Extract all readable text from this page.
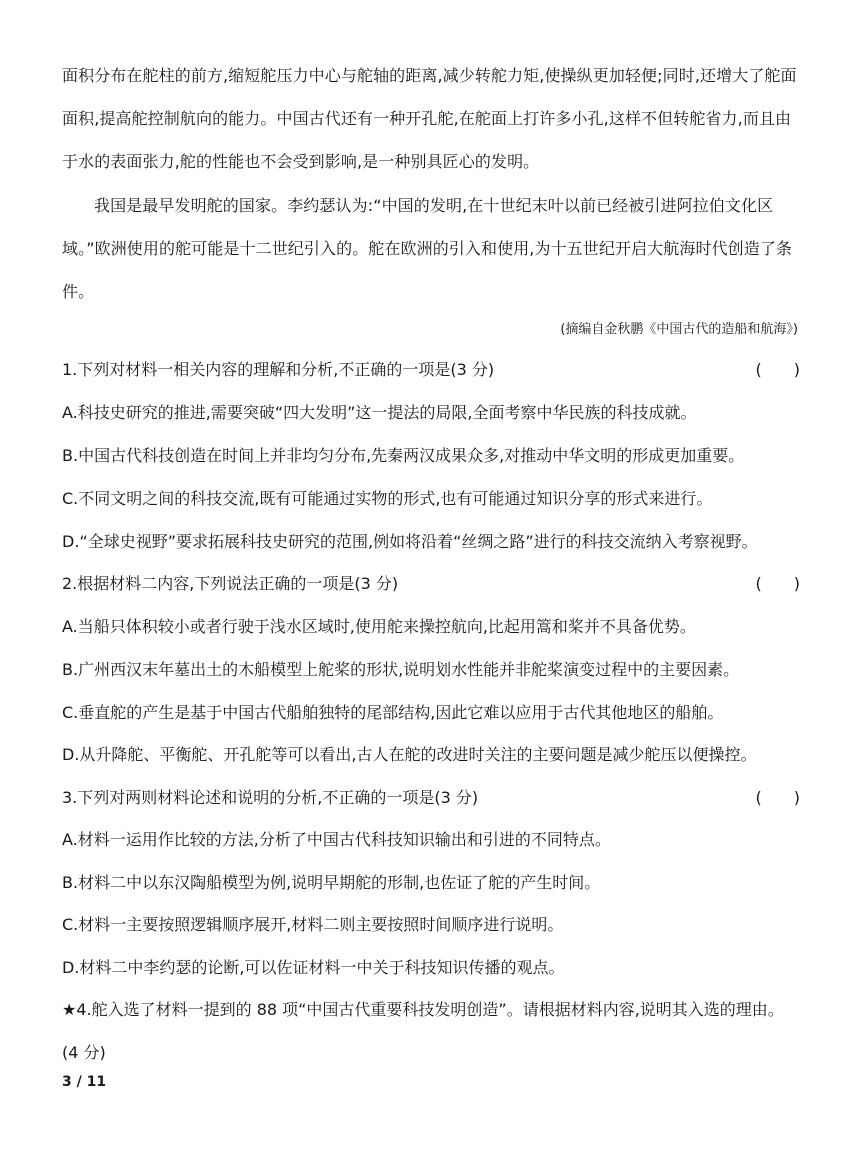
面积分布在舵柱的前方,缩短舵压力中心与舵轴的距离,减少转舵力矩,使操纵更加轻便;同时,还增大了舵面面积,提高舵控制航向的能力。中国古代还有一种开孔舵,在舵面上打许多小孔,这样不但转舵省力,而且由于水的表面张力,舵的性能也不会受到影响,是一种别具匠心的发明。

我国是最早发明舵的国家。李约瑟认为:“中国的发明,在十世纪末叶以前已经被引进阿拉伯文化区域。”欧洲使用的舵可能是十二世纪引入的。舵在欧洲的引入和使用,为十五世纪开启大航海时代创造了条件。

(摘编自金秋鹏《中国古代的造船和航海》)
1.下列对材料一相关内容的理解和分析,不正确的一项是(3 分)	(　　)
A.科技史研究的推进,需要突破“四大发明”这一提法的局限,全面考察中华民族的科技成就。
B.中国古代科技创造在时间上并非均匀分布,先秦两汉成果众多,对推动中华文明的形成更加重要。
C.不同文明之间的科技交流,既有可能通过实物的形式,也有可能通过知识分享的形式来进行。
D.“全球史视野”要求拓展科技史研究的范围,例如将沿着“丝绸之路”进行的科技交流纳入考察视野。
2.根据材料二内容,下列说法正确的一项是(3 分)	(　　)
A.当船只体积较小或者行驶于浅水区域时,使用舵来操控航向,比起用篙和桨并不具备优势。
B.广州西汉末年墓出土的木船模型上舵桨的形状,说明划水性能并非舵桨演变过程中的主要因素。
C.垂直舵的产生是基于中国古代船舶独特的尾部结构,因此它难以应用于古代其他地区的船舶。
D.从升降舵、平衡舵、开孔舵等可以看出,古人在舵的改进时关注的主要问题是减少舵压以便操控。
3.下列对两则材料论述和说明的分析,不正确的一项是(3 分)	(　　)
A.材料一运用作比较的方法,分析了中国古代科技知识输出和引进的不同特点。
B.材料二中以东汉陶船模型为例,说明早期舵的形制,也佐证了舵的产生时间。
C.材料一主要按照逻辑顺序展开,材料二则主要按照时间顺序进行说明。
D.材料二中李约瑟的论断,可以佐证材料一中关于科技知识传播的观点。
★4.舵入选了材料一提到的 88 项“中国古代重要科技发明创造”。请根据材料内容,说明其入选的理由。
(4 分)
3 / 11
